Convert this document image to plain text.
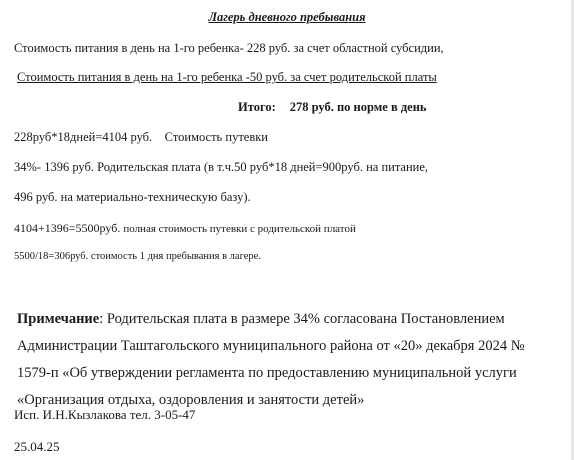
Лагерь дневного пребывания
Стоимость питания в день на 1-го ребенка- 228 руб. за счет областной субсидии,
Стоимость питания в день на 1-го ребенка -50 руб. за счет родительской платы
Итого: 278 руб. по норме в день
228руб*18дней=4104 руб. Стоимость путевки
34%- 1396 руб. Родительская плата (в т.ч.50 руб*18 дней=900руб. на питание,
496 руб. на материально-техническую базу).
4104+1396=5500руб. полная стоимость путевки с родительской платой
5500/18=306руб. стоимость 1 дня пребывания в лагере.
Примечание: Родительская плата в размере 34% согласована Постановлением
Администрации Таштагольского муниципального района от «20» декабря 2024 №
1579-п «Об утверждении регламента по предоставлению муниципальной услуги
«Организация отдыха, оздоровления и занятости детей»
Исп. И.Н.Кызлакова тел. 3-05-47
25.04.25
